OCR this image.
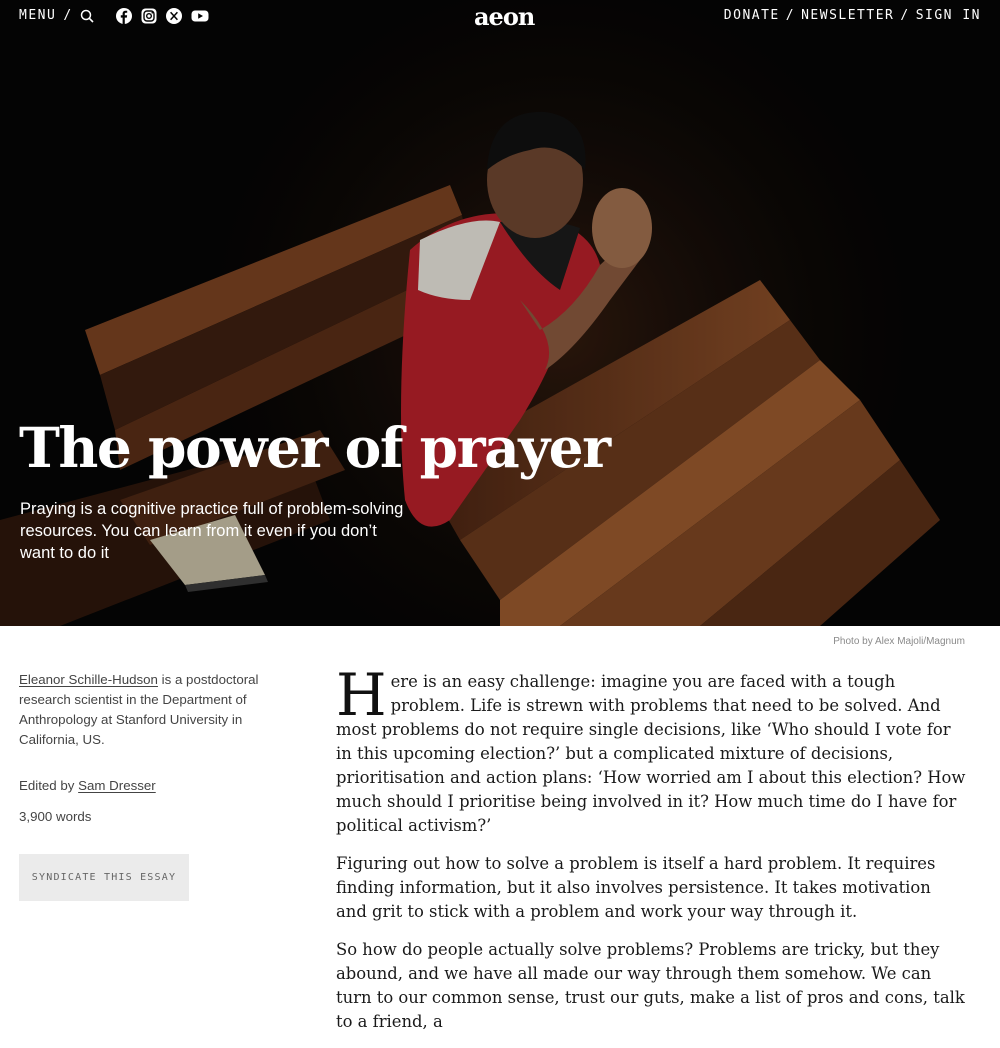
MENU /	aeon	DONATE / NEWSLETTER / SIGN IN
The power of prayer

Praying is a cognitive practice full of problem-solving resources. You can learn from it even if you don’t want to do it

Photo by Alex Majoli/Magnum

Eleanor Schille-Hudson is a postdoctoral research scientist in the Department of Anthropology at Stanford University in California, US.

Edited by Sam Dresser
3,900 words
SYNDICATE THIS ESSAY

Here is an easy challenge: imagine you are faced with a tough problem. Life is strewn with problems that need to be solved. And most problems do not require single decisions, like ‘Who should I vote for in this upcoming election?’ but a complicated mixture of decisions, prioritisation and action plans: ‘How worried am I about this election? How much should I prioritise being involved in it? How much time do I have for political activism?’

Figuring out how to solve a problem is itself a hard problem. It requires finding information, but it also involves persistence. It takes motivation and grit to stick with a problem and work your way through it.

So how do people actually solve problems? Problems are tricky, but they abound, and we have all made our way through them somehow. We can turn to our common sense, trust our guts, make a list of pros and cons, talk to a friend, a
